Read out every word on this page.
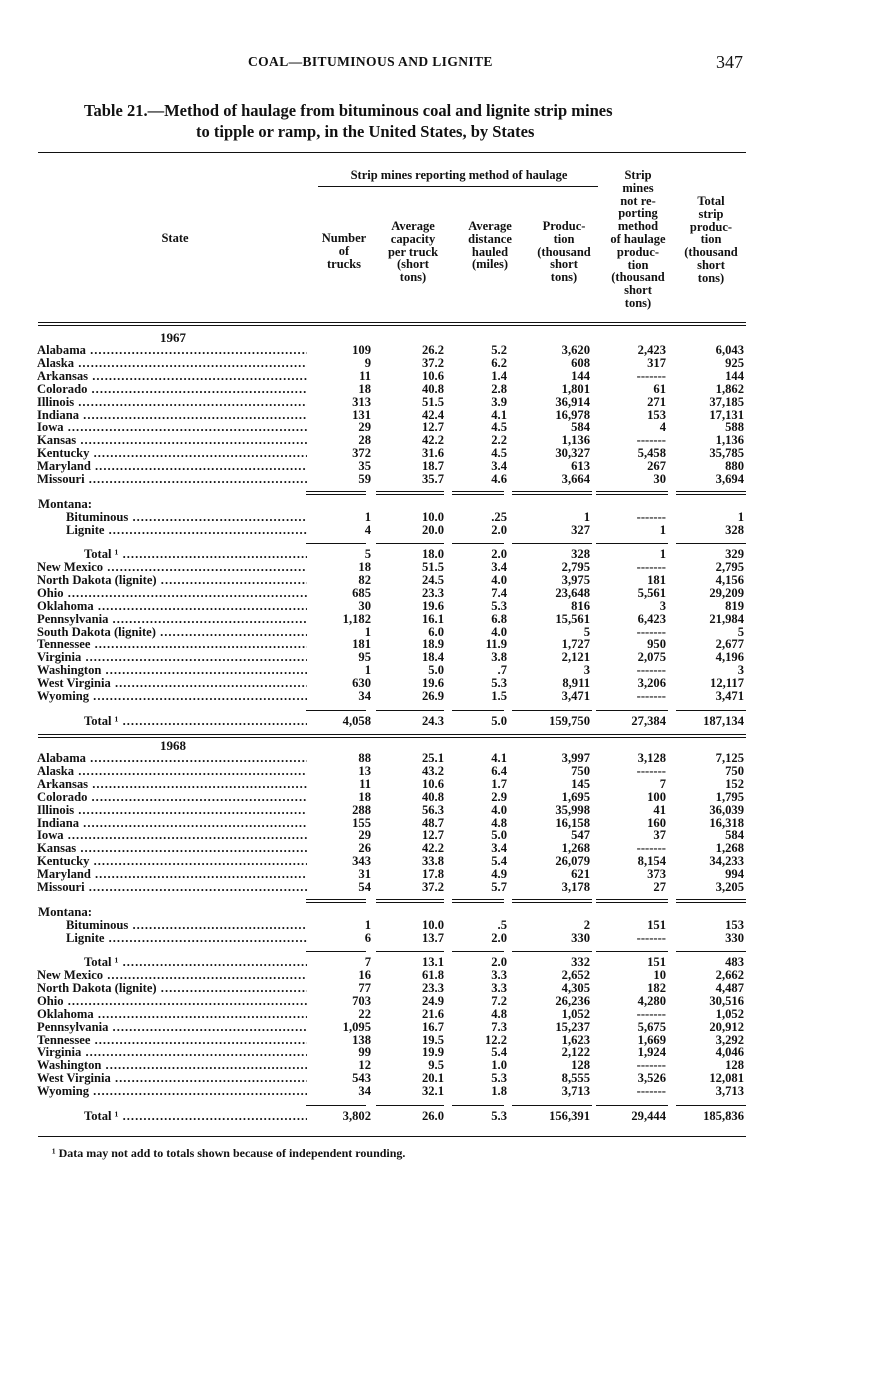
COAL—BITUMINOUS AND LIGNITE	347
Table 21.—Method of haulage from bituminous coal and lignite strip mines
to tipple or ramp, in the United States, by States
Strip mines reporting method of haulage
State	Number
of
trucks
Average
capacity
per truck
(short
tons)
Average
distance
hauled
(miles)
Produc-
tion
(thousand
short
tons)
Strip
mines
not re-
porting
method
of haulage
produc-
tion
(thousand
short
tons)
Total
strip
produc-
tion
(thousand
short
tons)
1967
Alabama .....	109	26.2	5.2	3,620	2,423	6,043
Alaska .....	9	37.2	6.2	608	317	925
Arkansas .....	11	10.6	1.4	144	-------	144
Colorado .....	18	40.8	2.8	1,801	61	1,862
Illinois .....	313	51.5	3.9	36,914	271	37,185
Indiana .....	131	42.4	4.1	16,978	153	17,131
Iowa .....	29	12.7	4.5	584	4	588
Kansas .....	28	42.2	2.2	1,136	-------	1,136
Kentucky .....	372	31.6	4.5	30,327	5,458	35,785
Maryland .....	35	18.7	3.4	613	267	880
Missouri .....	59	35.7	4.6	3,664	30	3,694
Montana:
Bituminous .....	1	10.0	.25	1	-------	1
Lignite .....	4	20.0	2.0	327	1	328
Total ¹ .....	5	18.0	2.0	328	1	329
New Mexico .....	18	51.5	3.4	2,795	-------	2,795
North Dakota (lignite) .....	82	24.5	4.0	3,975	181	4,156
Ohio .....	685	23.3	7.4	23,648	5,561	29,209
Oklahoma .....	30	19.6	5.3	816	3	819
Pennsylvania .....	1,182	16.1	6.8	15,561	6,423	21,984
South Dakota (lignite) .....	1	6.0	4.0	5	-------	5
Tennessee .....	181	18.9	11.9	1,727	950	2,677
Virginia .....	95	18.4	3.8	2,121	2,075	4,196
Washington .....	1	5.0	.7	3	-------	3
West Virginia .....	630	19.6	5.3	8,911	3,206	12,117
Wyoming .....	34	26.9	1.5	3,471	-------	3,471
Total ¹ .....	4,058	24.3	5.0	159,750	27,384	187,134
1968
Alabama .....	88	25.1	4.1	3,997	3,128	7,125
Alaska .....	13	43.2	6.4	750	-------	750
Arkansas .....	11	10.6	1.7	145	7	152
Colorado .....	18	40.8	2.9	1,695	100	1,795
Illinois .....	288	56.3	4.0	35,998	41	36,039
Indiana .....	155	48.7	4.8	16,158	160	16,318
Iowa .....	29	12.7	5.0	547	37	584
Kansas .....	26	42.2	3.4	1,268	-------	1,268
Kentucky .....	343	33.8	5.4	26,079	8,154	34,233
Maryland .....	31	17.8	4.9	621	373	994
Missouri .....	54	37.2	5.7	3,178	27	3,205
Montana:
Bituminous .....	1	10.0	.5	2	151	153
Lignite .....	6	13.7	2.0	330	-------	330
Total ¹ .....	7	13.1	2.0	332	151	483
New Mexico .....	16	61.8	3.3	2,652	10	2,662
North Dakota (lignite) .....	77	23.3	3.3	4,305	182	4,487
Ohio .....	703	24.9	7.2	26,236	4,280	30,516
Oklahoma .....	22	21.6	4.8	1,052	-------	1,052
Pennsylvania .....	1,095	16.7	7.3	15,237	5,675	20,912
Tennessee .....	138	19.5	12.2	1,623	1,669	3,292
Virginia .....	99	19.9	5.4	2,122	1,924	4,046
Washington .....	12	9.5	1.0	128	-------	128
West Virginia .....	543	20.1	5.3	8,555	3,526	12,081
Wyoming .....	34	32.1	1.8	3,713	-------	3,713
Total ¹ .....	3,802	26.0	5.3	156,391	29,444	185,836
¹ Data may not add to totals shown because of independent rounding.
